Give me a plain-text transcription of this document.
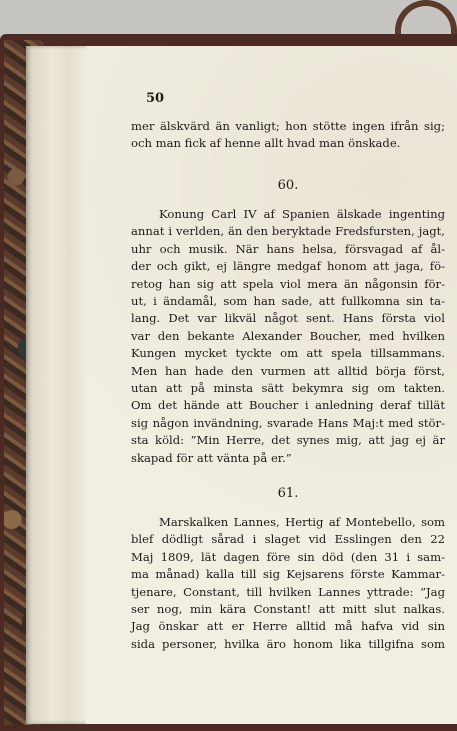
50
mer älskvärd än vanligt; hon stötte ingen ifrån sig;
och man fick af henne allt hvad man önskade.
60.
Konung Carl IV af Spanien älskade ingenting
annat i verlden, än den beryktade Fredsfursten, jagt,
uhr och musik. När hans helsa, försvagad af ål-
der och gikt, ej längre medgaf honom att jaga, fö-
retog han sig att spela viol mera än någonsin för-
ut, i ändamål, som han sade, att fullkomna sin ta-
lang. Det var likväl något sent. Hans första viol
var den bekante Alexander Boucher, med hvilken
Kungen mycket tyckte om att spela tillsammans.
Men han hade den vurmen att alltid börja först,
utan att på minsta sätt bekymra sig om takten.
Om det hände att Boucher i anledning deraf tillät
sig någon invändning, svarade Hans Maj:t med stör-
sta köld: ”Min Herre, det synes mig, att jag ej är
skapad för att vänta på er.”
61.
Marskalken Lannes, Hertig af Montebello, som
blef dödligt sårad i slaget vid Esslingen den 22
Maj 1809, lät dagen före sin död (den 31 i sam-
ma månad) kalla till sig Kejsarens förste Kammar-
tjenare, Constant, till hvilken Lannes yttrade: ”Jag
ser nog, min kära Constant! att mitt slut nalkas.
Jag önskar att er Herre alltid må hafva vid sin
sida personer, hvilka äro honom lika tillgifna som
